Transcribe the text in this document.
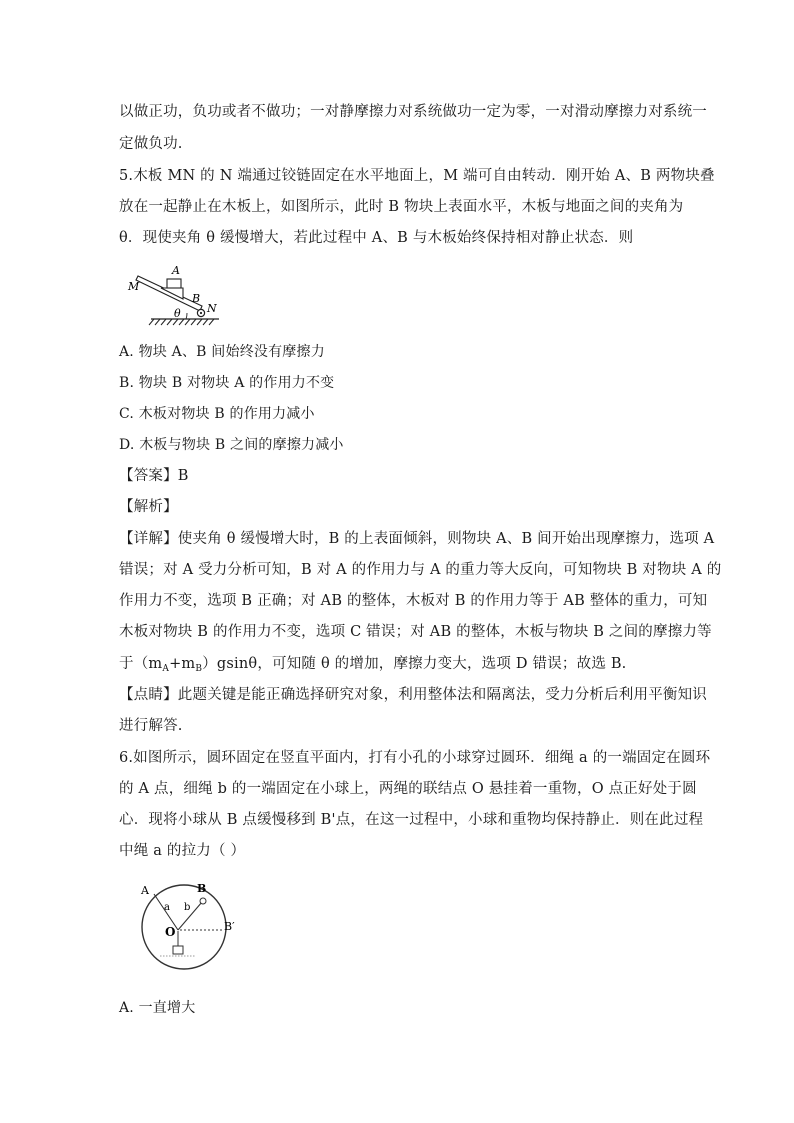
以做正功，负功或者不做功；一对静摩擦力对系统做功一定为零，一对滑动摩擦力对系统一
定做负功.
5.木板 MN 的 N 端通过铰链固定在水平地面上，M 端可自由转动．刚开始 A、B 两物块叠
放在一起静止在木板上，如图所示，此时 B 物块上表面水平，木板与地面之间的夹角为
θ．现使夹角 θ 缓慢增大，若此过程中 A、B 与木板始终保持相对静止状态．则
M
A
B
N
θ
A. 物块 A、B 间始终没有摩擦力
B. 物块 B 对物块 A 的作用力不变
C. 木板对物块 B 的作用力减小
D. 木板与物块 B 之间的摩擦力减小
【答案】B
【解析】
【详解】使夹角 θ 缓慢增大时，B 的上表面倾斜，则物块 A、B 间开始出现摩擦力，选项 A
错误；对 A 受力分析可知，B 对 A 的作用力与 A 的重力等大反向，可知物块 B 对物块 A 的
作用力不变，选项 B 正确；对 AB 的整体，木板对 B 的作用力等于 AB 整体的重力，可知
木板对物块 B 的作用力不变，选项 C 错误；对 AB 的整体，木板与物块 B 之间的摩擦力等
于$(m_A+m_B)gsin\theta$，可知随 θ 的增加，摩擦力变大，选项 D 错误；故选 B.
【点睛】此题关键是能正确选择研究对象，利用整体法和隔离法，受力分析后利用平衡知识
进行解答.
6.如图所示，圆环固定在竖直平面内，打有小孔的小球穿过圆环．细绳 a 的一端固定在圆环
的 A 点，细绳 b 的一端固定在小球上，两绳的联结点 O 悬挂着一重物，O 点正好处于圆
心．现将小球从 B 点缓慢移到 B'点，在这一过程中，小球和重物均保持静止．则在此过程
中绳 a 的拉力（ ）
A
a b
B
O	B′
A. 一直增大
